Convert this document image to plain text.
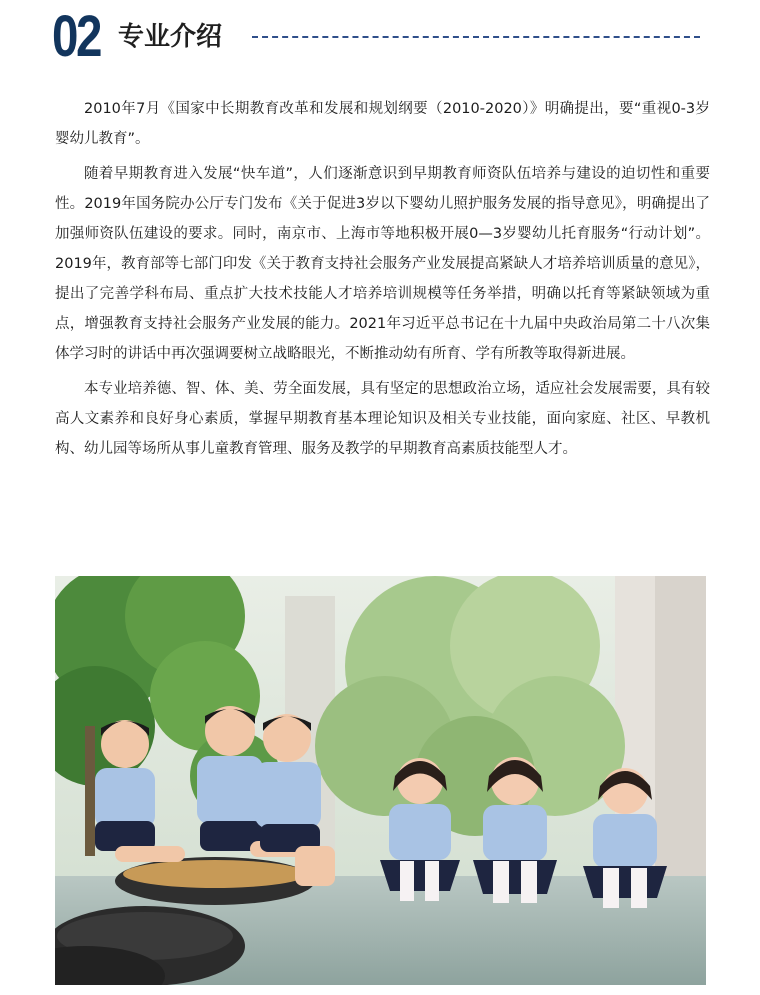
02 专业介绍

2010年7月《国家中长期教育改革和发展和规划纲要（2010-2020）》明确提出，要“重视0-3岁婴幼儿教育”。

随着早期教育进入发展“快车道”，人们逐渐意识到早期教育师资队伍培养与建设的迫切性和重要性。2019年国务院办公厅专门发布《关于促进3岁以下婴幼儿照护服务发展的指导意见》，明确提出了加强师资队伍建设的要求。同时，南京市、上海市等地积极开展0—3岁婴幼儿托育服务“行动计划”。2019年，教育部等七部门印发《关于教育支持社会服务产业发展提高紧缺人才培养培训质量的意见》，提出了完善学科布局、重点扩大技术技能人才培养培训规模等任务举措，明确以托育等紧缺领域为重点，增强教育支持社会服务产业发展的能力。2021年习近平总书记在十九届中央政治局第二十八次集体学习时的讲话中再次强调要树立战略眼光，不断推动幼有所育、学有所教等取得新进展。

本专业培养德、智、体、美、劳全面发展，具有坚定的思想政治立场，适应社会发展需要，具有较高人文素养和良好身心素质，掌握早期教育基本理论知识及相关专业技能，面向家庭、社区、早教机构、幼儿园等场所从事儿童教育管理、服务及教学的早期教育高素质技能型人才。
